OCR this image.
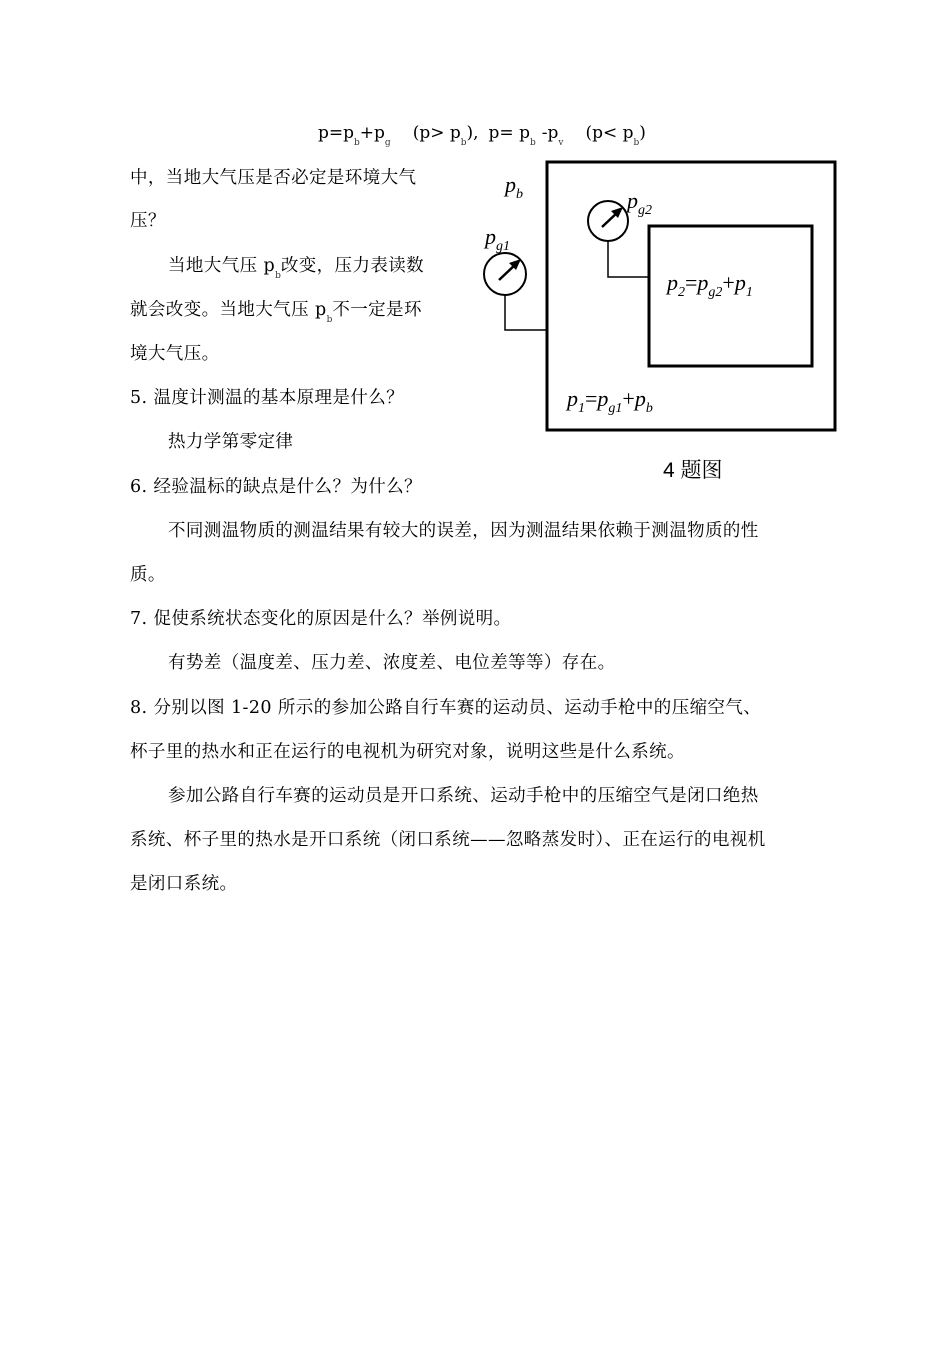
$p=p_b+p_g$ $(p> p_b)$, $p= p_b$ $-p_v$ $(p< p_b)$
中，当地大气压是否必定是环境大气
压？
当地大气压 $p_b$改变，压力表读数
就会改变。当地大气压 $p_b$不一定是环
境大气压。
$p_b$
$p_{g1}$
$p_{g2}$
$p_2=p_{g2}+p_1$
$p_1=p_{g1}+p_b$
4 题图
5. 温度计测温的基本原理是什么？
热力学第零定律
6. 经验温标的缺点是什么？为什么？
不同测温物质的测温结果有较大的误差，因为测温结果依赖于测温物质的性
质。
7. 促使系统状态变化的原因是什么？举例说明。
有势差（温度差、压力差、浓度差、电位差等等）存在。
8. 分别以图 1-20 所示的参加公路自行车赛的运动员、运动手枪中的压缩空气、
杯子里的热水和正在运行的电视机为研究对象，说明这些是什么系统。
参加公路自行车赛的运动员是开口系统、运动手枪中的压缩空气是闭口绝热
系统、杯子里的热水是开口系统（闭口系统——忽略蒸发时）、正在运行的电视机
是闭口系统。
